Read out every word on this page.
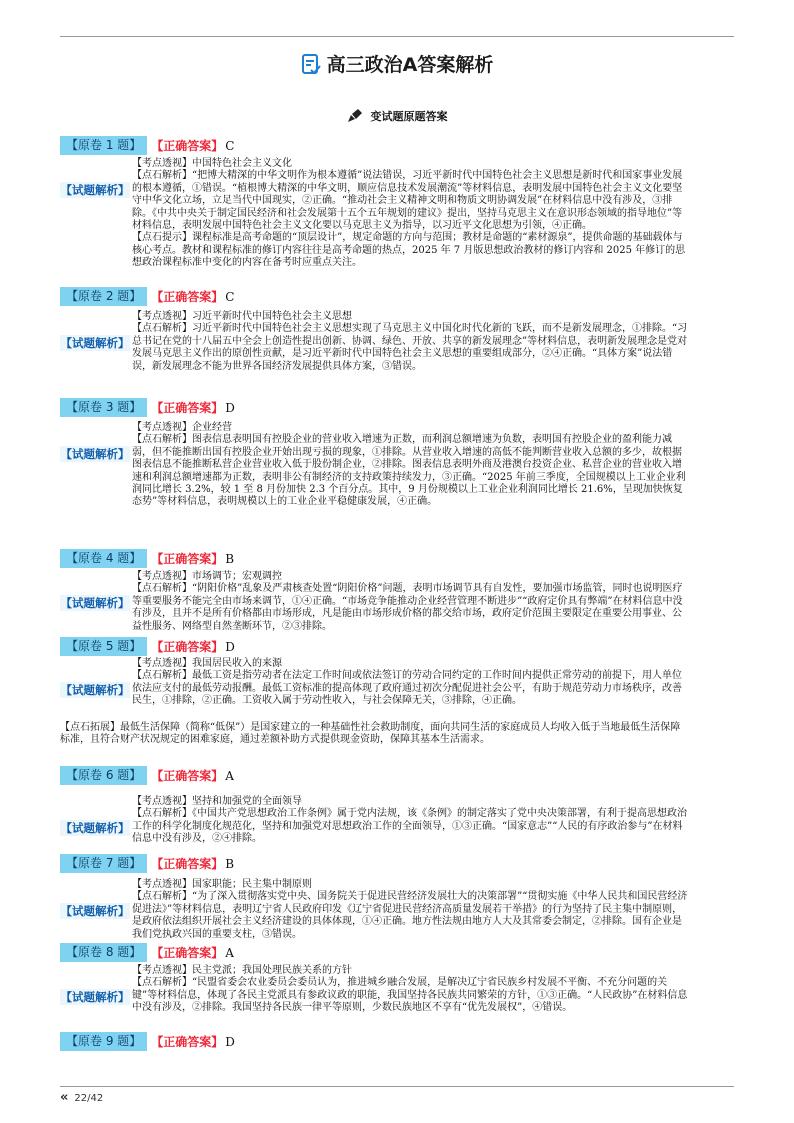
高三政治A答案解析
变试题原题答案
【原卷 1 题】 【正确答案】 C
【试题解析】

【考点透视】中国特色社会主义文化

【点石解析】“把博大精深的中华文明作为根本遵循”说法错误，习近平新时代中国特色社会主义思想是新时代和国家事业发展的根本遵循，①错误。“植根博大精深的中华文明，顺应信息技术发展潮流”等材料信息，表明发展中国特色社会主义文化要坚守中华文化立场，立足当代中国现实，②正确。“推动社会主义精神文明和物质文明协调发展”在材料信息中没有涉及，③排除。《中共中央关于制定国民经济和社会发展第十五个五年规划的建议》提出，坚持马克思主义在意识形态领域的指导地位”等材料信息，表明发展中国特色社会主义文化要以马克思主义为指导，以习近平文化思想为引领，④正确。

【点石提示】课程标准是高考命题的“顶层设计”，规定命题的方向与范围；教材是命题的“素材源泉”，提供命题的基础载体与核心考点。教材和课程标准的修订内容往往是高考命题的热点，2025 年 7 月版思想政治教材的修订内容和 2025 年修订的思想政治课程标准中变化的内容在备考时应重点关注。

【原卷 2 题】 【正确答案】 C
【试题解析】

【考点透视】习近平新时代中国特色社会主义思想

【点石解析】习近平新时代中国特色社会主义思想实现了马克思主义中国化时代化新的飞跃，而不是新发展理念，①排除。“习总书记在党的十八届五中全会上创造性提出创新、协调、绿色、开放、共享的新发展理念”等材料信息，表明新发展理念是党对发展马克思主义作出的原创性贡献，是习近平新时代中国特色社会主义思想的重要组成部分，②④正确。“具体方案”说法错误，新发展理念不能为世界各国经济发展提供具体方案，③错误。

【原卷 3 题】 【正确答案】 D
【试题解析】

【考点透视】企业经营

【点石解析】图表信息表明国有控股企业的营业收入增速为正数，而利润总额增速为负数，表明国有控股企业的盈利能力减弱，但不能推断出国有控股企业开始出现亏损的现象，①排除。从营业收入增速的高低不能判断营业收入总额的多少，故根据图表信息不能推断私营企业营业收入低于股份制企业，②排除。图表信息表明外商及港澳台投资企业、私营企业的营业收入增速和利润总额增速都为正数，表明非公有制经济的支持政策持续发力，③正确。“2025 年前三季度，全国规模以上工业企业利润同比增长 3.2%，较 1 至 8 月份加快 2.3 个百分点。其中，9 月份规模以上工业企业利润同比增长 21.6%，呈现加快恢复态势”等材料信息，表明规模以上的工业企业平稳健康发展，④正确。

【原卷 4 题】 【正确答案】 B
【试题解析】

【考点透视】市场调节；宏观调控

【点石解析】“阴阳价格”乱象及严肃核查处置“阴阳价格”问题，表明市场调节具有自发性，要加强市场监管，同时也说明医疗等重要服务不能完全由市场来调节，①④正确。“市场竞争能推动企业经营管理不断进步”“政府定价具有弊端”在材料信息中没有涉及，且并不是所有价格都由市场形成，凡是能由市场形成价格的都交给市场，政府定价范围主要限定在重要公用事业、公益性服务、网络型自然垄断环节，②③排除。

【原卷 5 题】 【正确答案】 D
【试题解析】

【考点透视】我国居民收入的来源

【点石解析】最低工资是指劳动者在法定工作时间或依法签订的劳动合同约定的工作时间内提供正常劳动的前提下，用人单位依法应支付的最低劳动报酬。最低工资标准的提高体现了政府通过初次分配促进社会公平，有助于规范劳动力市场秩序，改善民生，①排除，②正确。工资收入属于劳动性收入，与社会保障无关，③排除，④正确。

【点石拓展】最低生活保障（简称“低保”）是国家建立的一种基础性社会救助制度，面向共同生活的家庭成员人均收入低于当地最低生活保障标准，且符合财产状况规定的困难家庭，通过差额补助方式提供现金资助，保障其基本生活需求。

【原卷 6 题】 【正确答案】 A
【试题解析】

【考点透视】坚持和加强党的全面领导

【点石解析】《中国共产党思想政治工作条例》属于党内法规，该《条例》的制定落实了党中央决策部署，有利于提高思想政治工作的科学化制度化规范化，坚持和加强党对思想政治工作的全面领导，①③正确。“国家意志”“人民的有序政治参与”在材料信息中没有涉及，②④排除。

【原卷 7 题】 【正确答案】 B
【试题解析】

【考点透视】国家职能；民主集中制原则

【点石解析】“为了深入贯彻落实党中央、国务院关于促进民营经济发展壮大的决策部署”“贯彻实施《中华人民共和国民营经济促进法》”等材料信息，表明辽宁省人民政府印发《辽宁省促进民营经济高质量发展若干举措》的行为坚持了民主集中制原则，是政府依法组织开展社会主义经济建设的具体体现，①④正确。地方性法规由地方人大及其常委会制定，②排除。国有企业是我们党执政兴国的重要支柱，③错误。

【原卷 8 题】 【正确答案】 A
【试题解析】

【考点透视】民主党派；我国处理民族关系的方针

【点石解析】“民盟省委会农业委员会委员认为，推进城乡融合发展，是解决辽宁省民族乡村发展不平衡、不充分问题的关键”等材料信息，体现了各民主党派具有参政议政的职能，我国坚持各民族共同繁荣的方针，①③正确。“人民政协”在材料信息中没有涉及，②排除。我国坚持各民族一律平等原则，少数民族地区不享有“优先发展权”，④错误。

【原卷 9 题】 【正确答案】 D
« 22/42
